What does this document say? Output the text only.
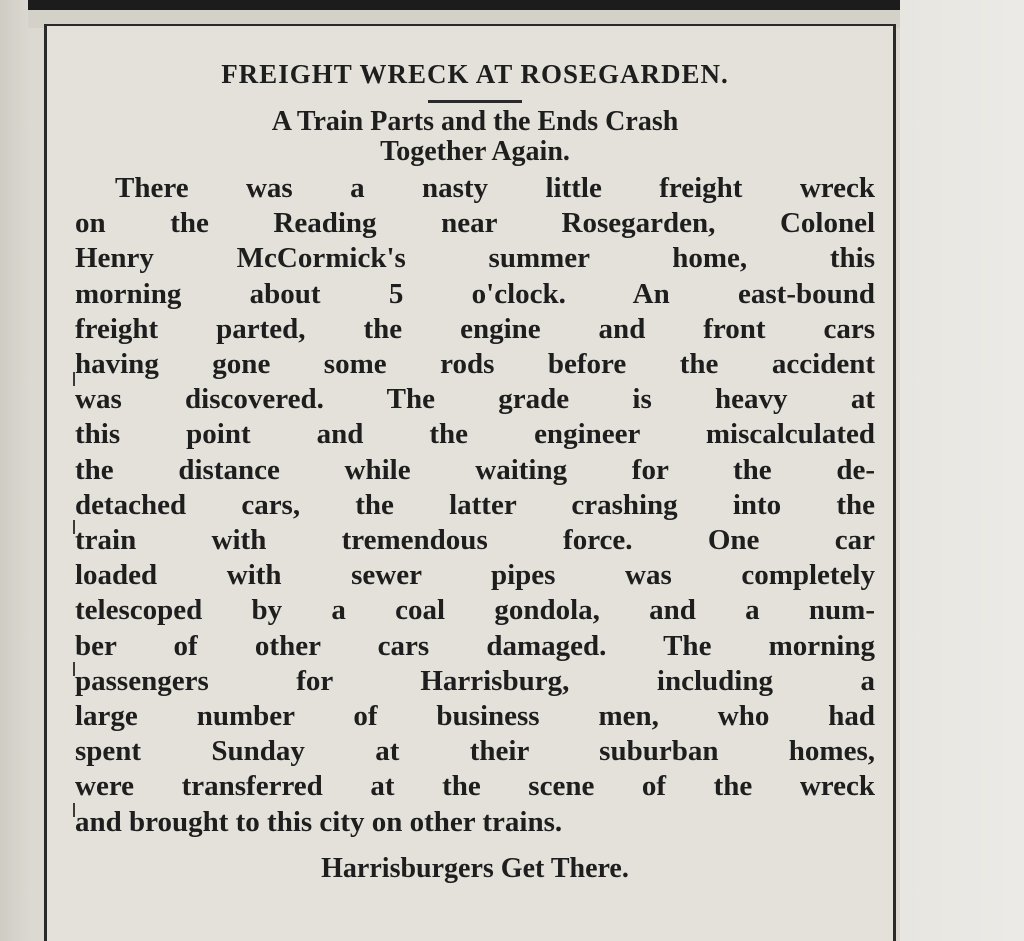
FREIGHT WRECK AT ROSEGARDEN.
A Train Parts and the Ends Crash
Together Again.

There was a nasty little freight wreck

on the Reading near Rosegarden, Colonel

Henry McCormick's summer home, this

morning about 5 o'clock. An east-bound

freight parted, the engine and front cars

having gone some rods before the accident

was discovered. The grade is heavy at

this point and the engineer miscalculated

the distance while waiting for the de-

detached cars, the latter crashing into the

train with tremendous force. One car

loaded with sewer pipes was completely

telescoped by a coal gondola, and a num-

ber of other cars damaged. The morning

passengers for Harrisburg, including a

large number of business men, who had

spent Sunday at their suburban homes,

were transferred at the scene of the wreck

and brought to this city on other trains.

Harrisburgers Get There.
